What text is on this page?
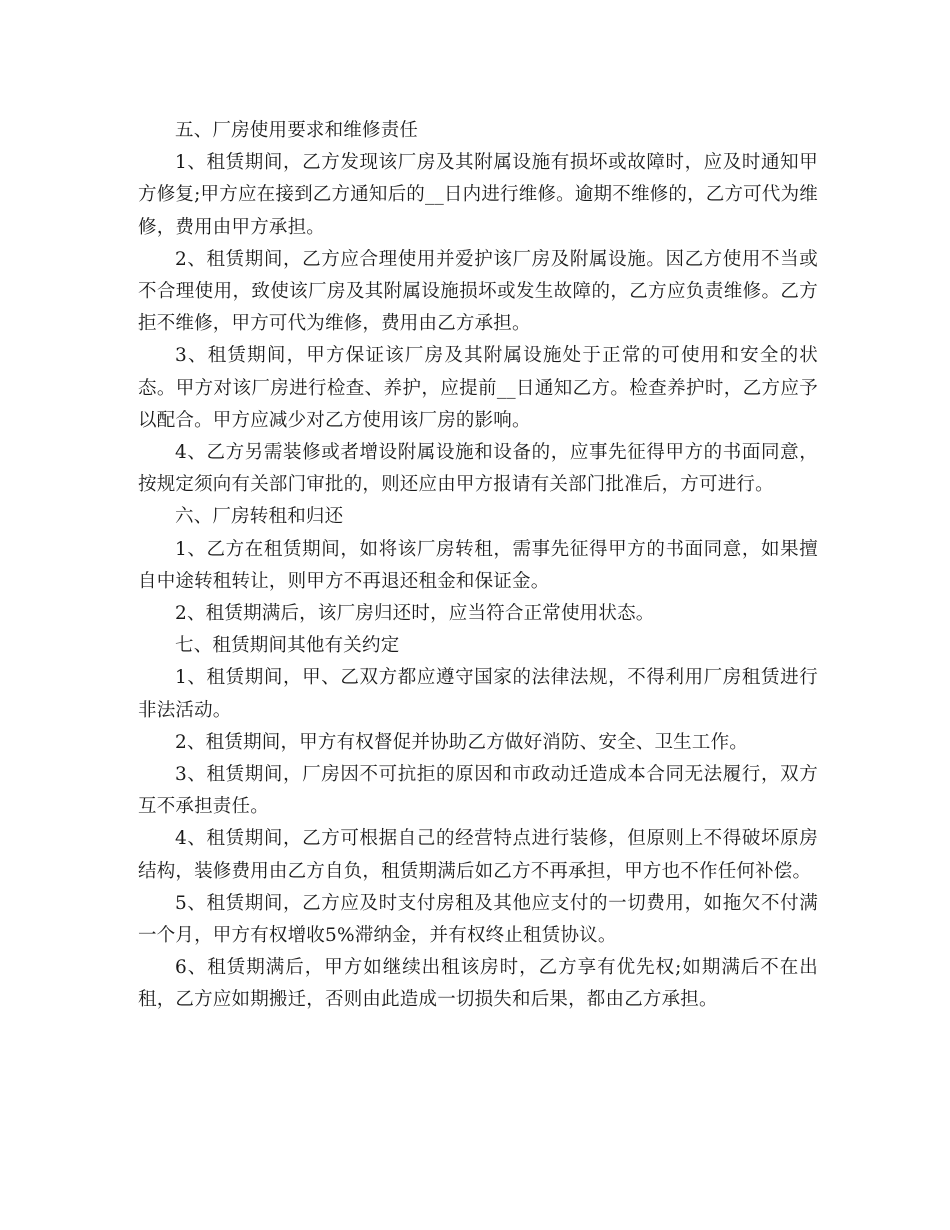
五、厂房使用要求和维修责任

1、租赁期间，乙方发现该厂房及其附属设施有损坏或故障时，应及时通知甲方修复;甲方应在接到乙方通知后的__日内进行维修。逾期不维修的，乙方可代为维修，费用由甲方承担。

2、租赁期间，乙方应合理使用并爱护该厂房及附属设施。因乙方使用不当或不合理使用，致使该厂房及其附属设施损坏或发生故障的，乙方应负责维修。乙方拒不维修，甲方可代为维修，费用由乙方承担。

3、租赁期间，甲方保证该厂房及其附属设施处于正常的可使用和安全的状态。甲方对该厂房进行检查、养护，应提前__日通知乙方。检查养护时，乙方应予以配合。甲方应减少对乙方使用该厂房的影响。

4、乙方另需装修或者增设附属设施和设备的，应事先征得甲方的书面同意，按规定须向有关部门审批的，则还应由甲方报请有关部门批准后，方可进行。

六、厂房转租和归还

1、乙方在租赁期间，如将该厂房转租，需事先征得甲方的书面同意，如果擅自中途转租转让，则甲方不再退还租金和保证金。

2、租赁期满后，该厂房归还时，应当符合正常使用状态。

七、租赁期间其他有关约定

1、租赁期间，甲、乙双方都应遵守国家的法律法规，不得利用厂房租赁进行非法活动。

2、租赁期间，甲方有权督促并协助乙方做好消防、安全、卫生工作。

3、租赁期间，厂房因不可抗拒的原因和市政动迁造成本合同无法履行，双方互不承担责任。

4、租赁期间，乙方可根据自己的经营特点进行装修，但原则上不得破坏原房结构，装修费用由乙方自负，租赁期满后如乙方不再承担，甲方也不作任何补偿。

5、租赁期间，乙方应及时支付房租及其他应支付的一切费用，如拖欠不付满一个月，甲方有权增收5%滞纳金，并有权终止租赁协议。

6、租赁期满后，甲方如继续出租该房时，乙方享有优先权;如期满后不在出租，乙方应如期搬迁，否则由此造成一切损失和后果，都由乙方承担。
